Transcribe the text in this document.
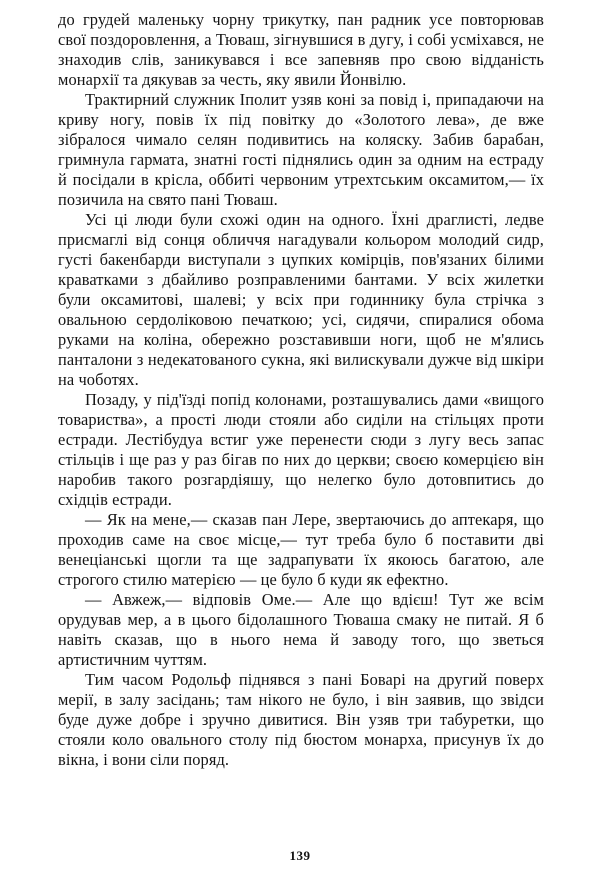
до грудей маленьку чорну трикутку, пан радник усе повторював свої поздоровлення, а Тюваш, зігнувшися в дугу, і собі усміхався, не знаходив слів, заникувався і все запевняв про свою відданість монархії та дякував за честь, яку явили Йонвілю.

Трактирний служник Іполит узяв коні за повід і, припадаючи на криву ногу, повів їх під повітку до «Золотого лева», де вже зібралося чимало селян подивитись на коляску. Забив барабан, гримнула гармата, знатні гості піднялись один за одним на естраду й посідали в крісла, оббиті червоним утрехтським оксамитом,— їх позичила на свято пані Тюваш.

Усі ці люди були схожі один на одного. Їхні драглисті, ледве присмаглі від сонця обличчя нагадували кольором молодий сидр, густі бакенбарди виступали з цупких комірців, пов'язаних білими краватками з дбайливо розправленими бантами. У всіх жилетки були оксамитові, шалеві; у всіх при годиннику була стрічка з овальною сердоліковою печаткою; усі, сидячи, спиралися обома руками на коліна, обережно розставивши ноги, щоб не м'ялись панталони з недекатованого сукна, які вилискували дужче від шкіри на чоботях.

Позаду, у під'їзді попід колонами, розташувались дами «вищого товариства», а прості люди стояли або сиділи на стільцях проти естради. Лестібудуа встиг уже перенести сюди з лугу весь запас стільців і ще раз у раз бігав по них до церкви; своєю комерцією він наробив такого розгардіяшу, що нелегко було дотовпитись до східців естради.

— Як на мене,— сказав пан Лере, звертаючись до аптекаря, що проходив саме на своє місце,— тут треба було б поставити дві венеціанські щогли та ще задрапувати їх якоюсь багатою, але строгого стилю матерією — це було б куди як ефектно.

— Авжеж,— відповів Оме.— Але що вдієш! Тут же всім орудував мер, а в цього бідолашного Тюваша смаку не питай. Я б навіть сказав, що в нього нема й заводу того, що зветься артистичним чуттям.

Тим часом Родольф піднявся з пані Боварі на другий поверх мерії, в залу засідань; там нікого не було, і він заявив, що звідси буде дуже добре і зручно дивитися. Він узяв три табуретки, що стояли коло овального столу під бюстом монарха, присунув їх до вікна, і вони сіли поряд.

139
